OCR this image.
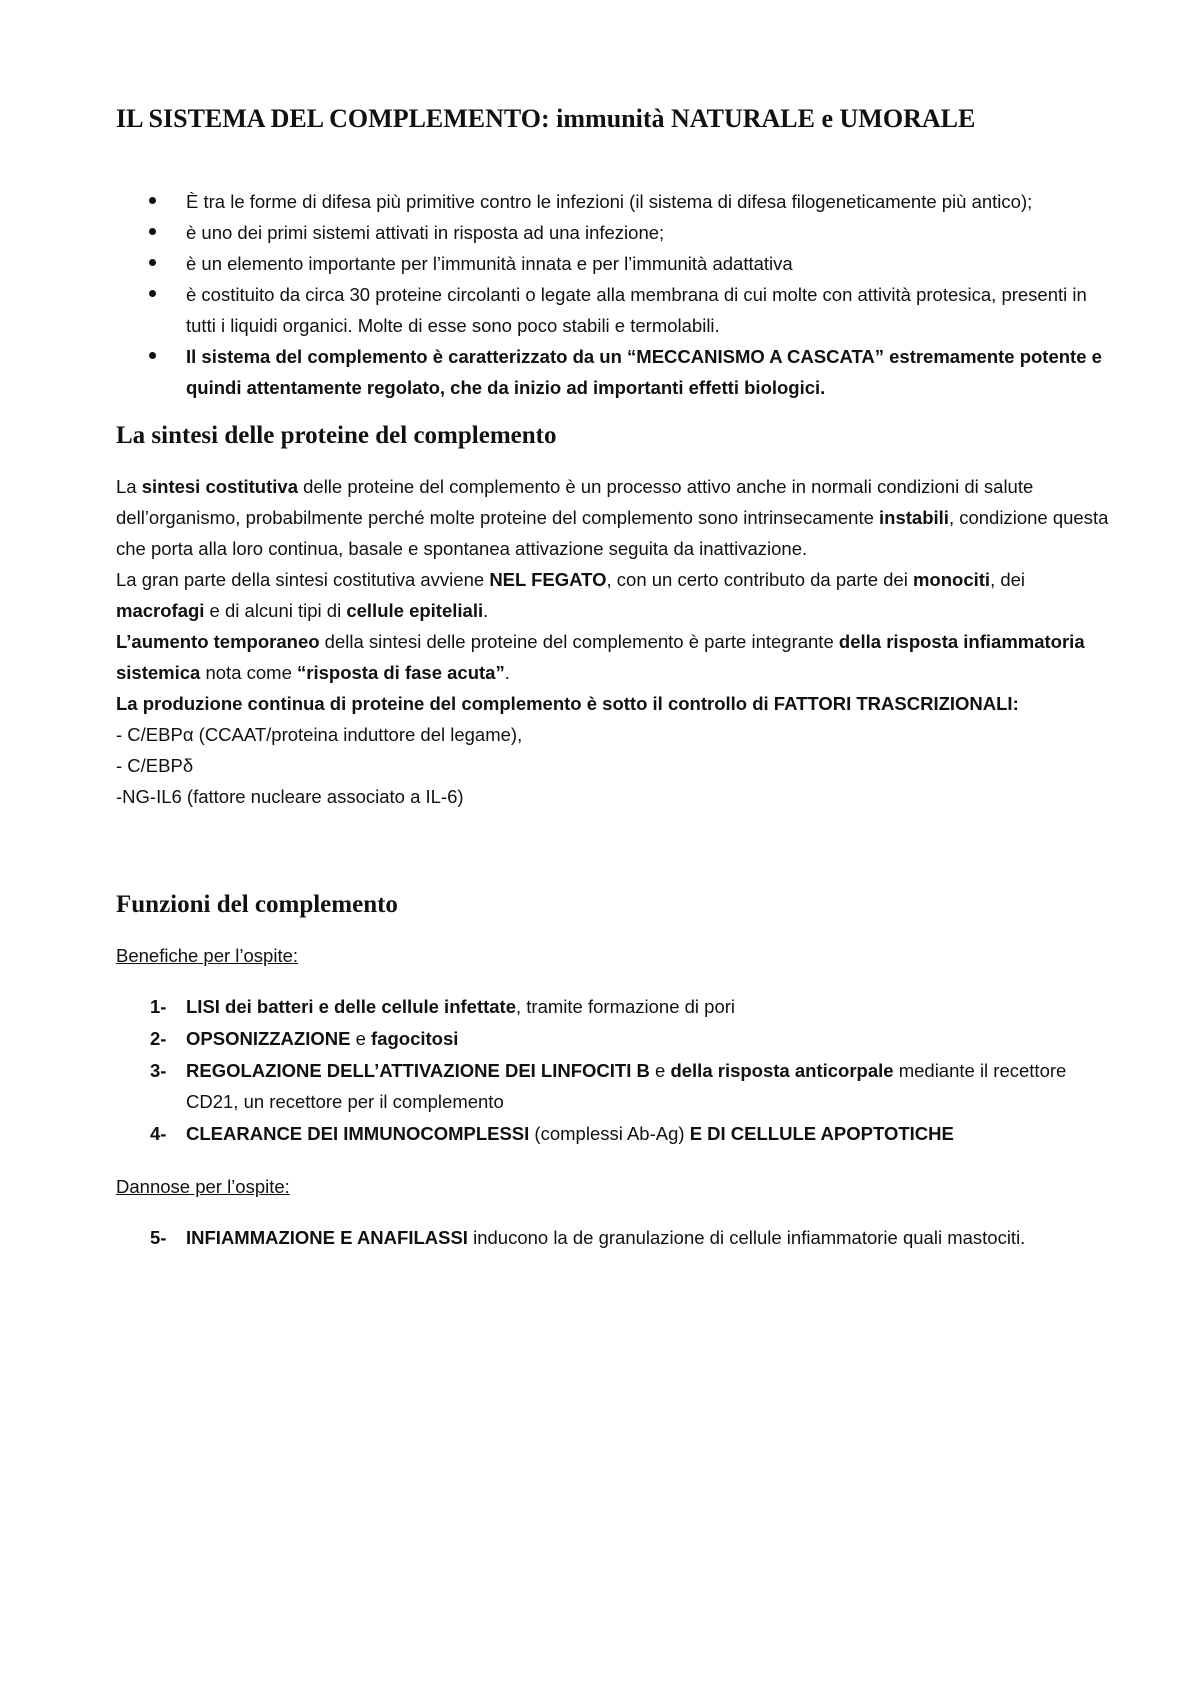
IL SISTEMA DEL COMPLEMENTO: immunità NATURALE e UMORALE
È tra le forme di difesa più primitive contro le infezioni (il sistema di difesa filogeneticamente più antico);
è uno dei primi sistemi attivati in risposta ad una infezione;
è un elemento importante per l’immunità innata e per l’immunità adattativa
è costituito da circa 30 proteine circolanti o legate alla membrana di cui molte con attività protesica, presenti in tutti i liquidi organici. Molte di esse sono poco stabili e termolabili.
Il sistema del complemento è caratterizzato da un “MECCANISMO A CASCATA” estremamente potente e quindi attentamente regolato, che da inizio ad importanti effetti biologici.
La sintesi delle proteine del complemento

La sintesi costitutiva delle proteine del complemento è un processo attivo anche in normali condizioni di salute dell’organismo, probabilmente perché molte proteine del complemento sono intrinsecamente instabili, condizione questa che porta alla loro continua, basale e spontanea attivazione seguita da inattivazione.

La gran parte della sintesi costitutiva avviene NEL FEGATO, con un certo contributo da parte dei monociti, dei macrofagi e di alcuni tipi di cellule epiteliali.

L’aumento temporaneo della sintesi delle proteine del complemento è parte integrante della risposta infiammatoria sistemica nota come “risposta di fase acuta”.

La produzione continua di proteine del complemento è sotto il controllo di FATTORI TRASCRIZIONALI:

- C/EBPα (CCAAT/proteina induttore del legame),

- C/EBPδ

-NG-IL6 (fattore nucleare associato a IL-6)

Funzioni del complemento
Benefiche per l’ospite:
1- LISI dei batteri e delle cellule infettate, tramite formazione di pori
2- OPSONIZZAZIONE e fagocitosi
3- REGOLAZIONE DELL’ATTIVAZIONE DEI LINFOCITI B e della risposta anticorpale mediante il recettore CD21, un recettore per il complemento
4- CLEARANCE DEI IMMUNOCOMPLESSI (complessi Ab-Ag) E DI CELLULE APOPTOTICHE
Dannose per l’ospite:
5- INFIAMMAZIONE E ANAFILASSI inducono la de granulazione di cellule infiammatorie quali mastociti.
